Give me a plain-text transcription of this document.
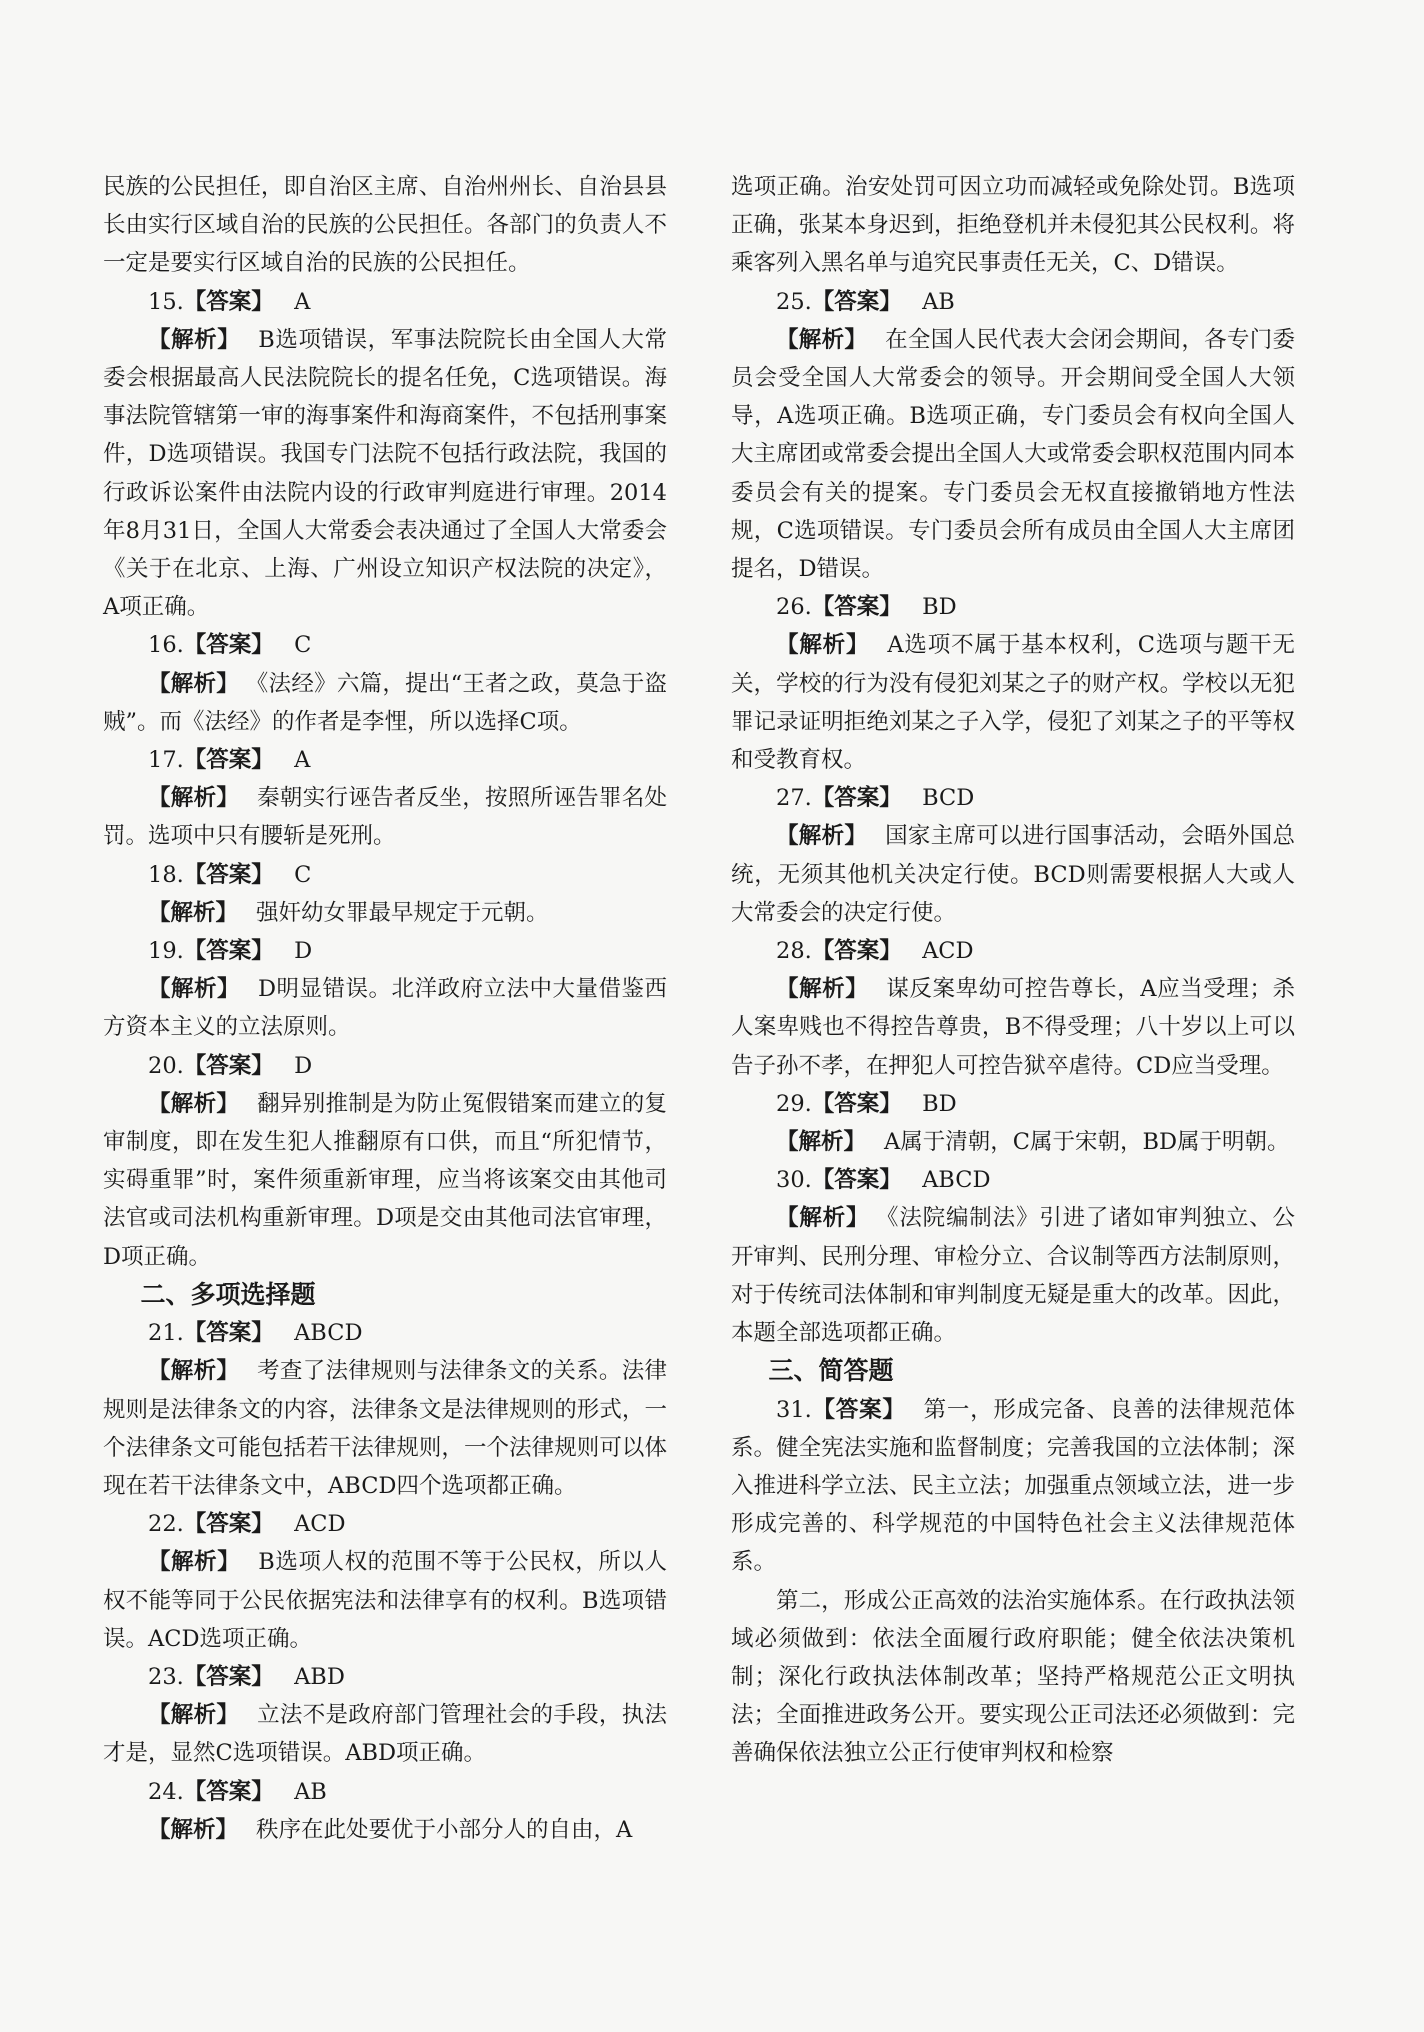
民族的公民担任，即自治区主席、自治州州长、自治县县长由实行区域自治的民族的公民担任。各部门的负责人不一定是要实行区域自治的民族的公民担任。

15.【答案】 A

【解析】 B选项错误，军事法院院长由全国人大常委会根据最高人民法院院长的提名任免，C选项错误。海事法院管辖第一审的海事案件和海商案件，不包括刑事案件，D选项错误。我国专门法院不包括行政法院，我国的行政诉讼案件由法院内设的行政审判庭进行审理。2014年8月31日，全国人大常委会表决通过了全国人大常委会《关于在北京、上海、广州设立知识产权法院的决定》，A项正确。

16.【答案】 C

【解析】 《法经》六篇，提出“王者之政，莫急于盗贼”。而《法经》的作者是李悝，所以选择C项。

17.【答案】 A

【解析】 秦朝实行诬告者反坐，按照所诬告罪名处罚。选项中只有腰斩是死刑。

18.【答案】 C

【解析】 强奸幼女罪最早规定于元朝。

19.【答案】 D

【解析】 D明显错误。北洋政府立法中大量借鉴西方资本主义的立法原则。

20.【答案】 D

【解析】 翻异别推制是为防止冤假错案而建立的复审制度，即在发生犯人推翻原有口供，而且“所犯情节，实碍重罪”时，案件须重新审理，应当将该案交由其他司法官或司法机构重新审理。D项是交由其他司法官审理，D项正确。

二、多项选择题

21.【答案】 ABCD

【解析】 考查了法律规则与法律条文的关系。法律规则是法律条文的内容，法律条文是法律规则的形式，一个法律条文可能包括若干法律规则，一个法律规则可以体现在若干法律条文中，ABCD四个选项都正确。

22.【答案】 ACD

【解析】 B选项人权的范围不等于公民权，所以人权不能等同于公民依据宪法和法律享有的权利。B选项错误。ACD选项正确。

23.【答案】 ABD

【解析】 立法不是政府部门管理社会的手段，执法才是，显然C选项错误。ABD项正确。

24.【答案】 AB

【解析】 秩序在此处要优于小部分人的自由，A

选项正确。治安处罚可因立功而减轻或免除处罚。B选项正确，张某本身迟到，拒绝登机并未侵犯其公民权利。将乘客列入黑名单与追究民事责任无关，C、D错误。

25.【答案】 AB

【解析】 在全国人民代表大会闭会期间，各专门委员会受全国人大常委会的领导。开会期间受全国人大领导，A选项正确。B选项正确，专门委员会有权向全国人大主席团或常委会提出全国人大或常委会职权范围内同本委员会有关的提案。专门委员会无权直接撤销地方性法规，C选项错误。专门委员会所有成员由全国人大主席团提名，D错误。

26.【答案】 BD

【解析】 A选项不属于基本权利，C选项与题干无关，学校的行为没有侵犯刘某之子的财产权。学校以无犯罪记录证明拒绝刘某之子入学，侵犯了刘某之子的平等权和受教育权。

27.【答案】 BCD

【解析】 国家主席可以进行国事活动，会晤外国总统，无须其他机关决定行使。BCD则需要根据人大或人大常委会的决定行使。

28.【答案】 ACD

【解析】 谋反案卑幼可控告尊长，A应当受理；杀人案卑贱也不得控告尊贵，B不得受理；八十岁以上可以告子孙不孝，在押犯人可控告狱卒虐待。CD应当受理。

29.【答案】 BD

【解析】 A属于清朝，C属于宋朝，BD属于明朝。

30.【答案】 ABCD

【解析】 《法院编制法》引进了诸如审判独立、公开审判、民刑分理、审检分立、合议制等西方法制原则，对于传统司法体制和审判制度无疑是重大的改革。因此，本题全部选项都正确。

三、简答题

31.【答案】 第一，形成完备、良善的法律规范体系。健全宪法实施和监督制度；完善我国的立法体制；深入推进科学立法、民主立法；加强重点领域立法，进一步形成完善的、科学规范的中国特色社会主义法律规范体系。

第二，形成公正高效的法治实施体系。在行政执法领域必须做到：依法全面履行政府职能；健全依法决策机制；深化行政执法体制改革；坚持严格规范公正文明执法；全面推进政务公开。要实现公正司法还必须做到：完善确保依法独立公正行使审判权和检察
